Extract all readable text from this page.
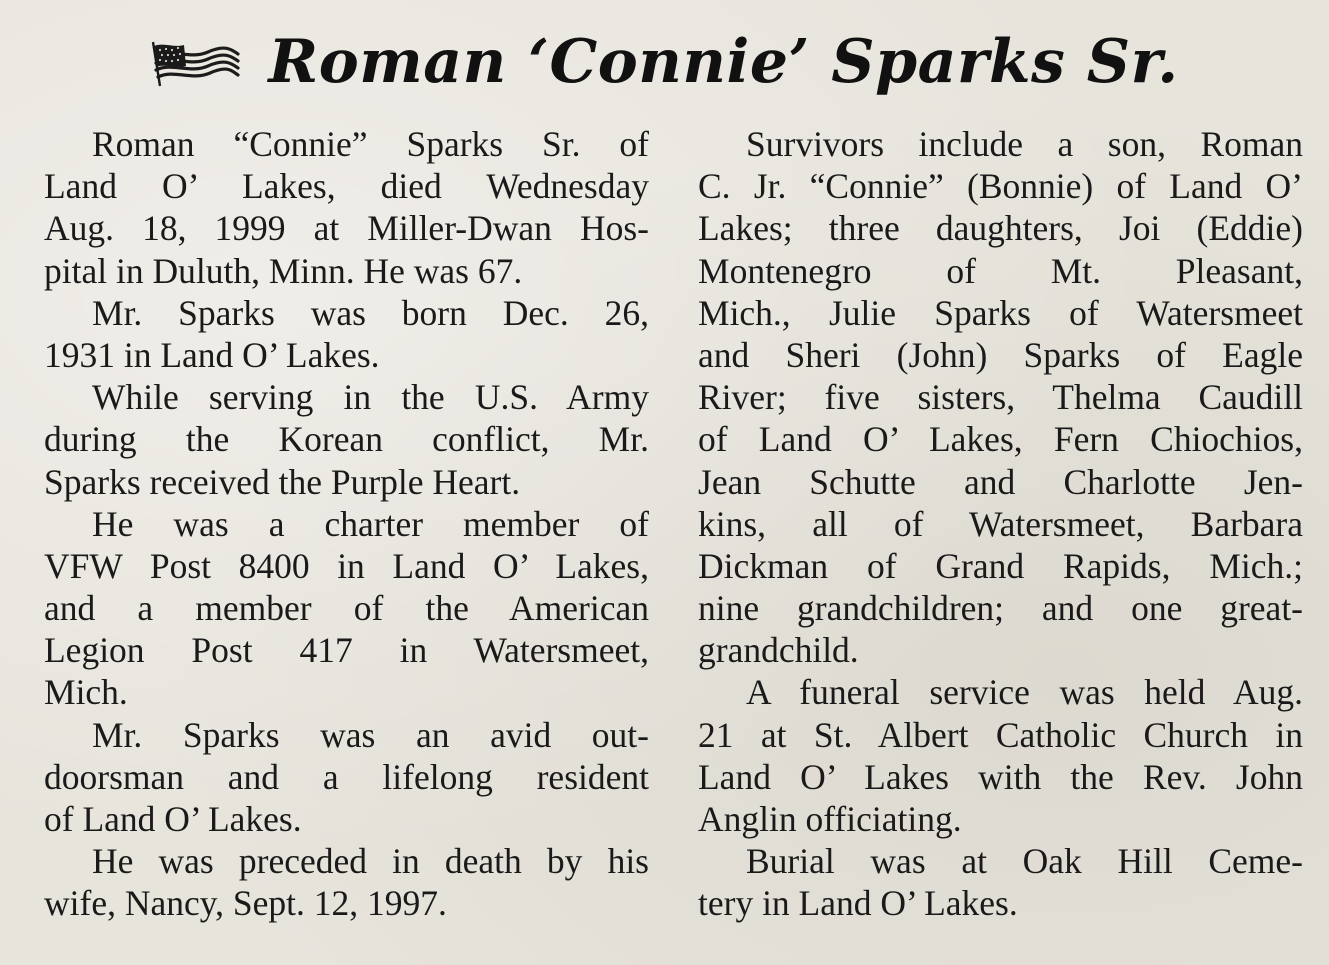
Roman ‘Connie’ Sparks Sr.
Roman “Connie” Sparks Sr. of
Land O’ Lakes, died Wednesday
Aug. 18, 1999 at Miller-Dwan Hos-
pital in Duluth, Minn. He was 67.
Mr. Sparks was born Dec. 26,
1931 in Land O’ Lakes.
While serving in the U.S. Army
during the Korean conflict, Mr.
Sparks received the Purple Heart.
He was a charter member of
VFW Post 8400 in Land O’ Lakes,
and a member of the American
Legion Post 417 in Watersmeet,
Mich.
Mr. Sparks was an avid out-
doorsman and a lifelong resident
of Land O’ Lakes.
He was preceded in death by his
wife, Nancy, Sept. 12, 1997.
Survivors include a son, Roman
C. Jr. “Connie” (Bonnie) of Land O’
Lakes; three daughters, Joi (Eddie)
Montenegro of Mt. Pleasant,
Mich., Julie Sparks of Watersmeet
and Sheri (John) Sparks of Eagle
River; five sisters, Thelma Caudill
of Land O’ Lakes, Fern Chiochios,
Jean Schutte and Charlotte Jen-
kins, all of Watersmeet, Barbara
Dickman of Grand Rapids, Mich.;
nine grandchildren; and one great-
grandchild.
A funeral service was held Aug.
21 at St. Albert Catholic Church in
Land O’ Lakes with the Rev. John
Anglin officiating.
Burial was at Oak Hill Ceme-
tery in Land O’ Lakes.
